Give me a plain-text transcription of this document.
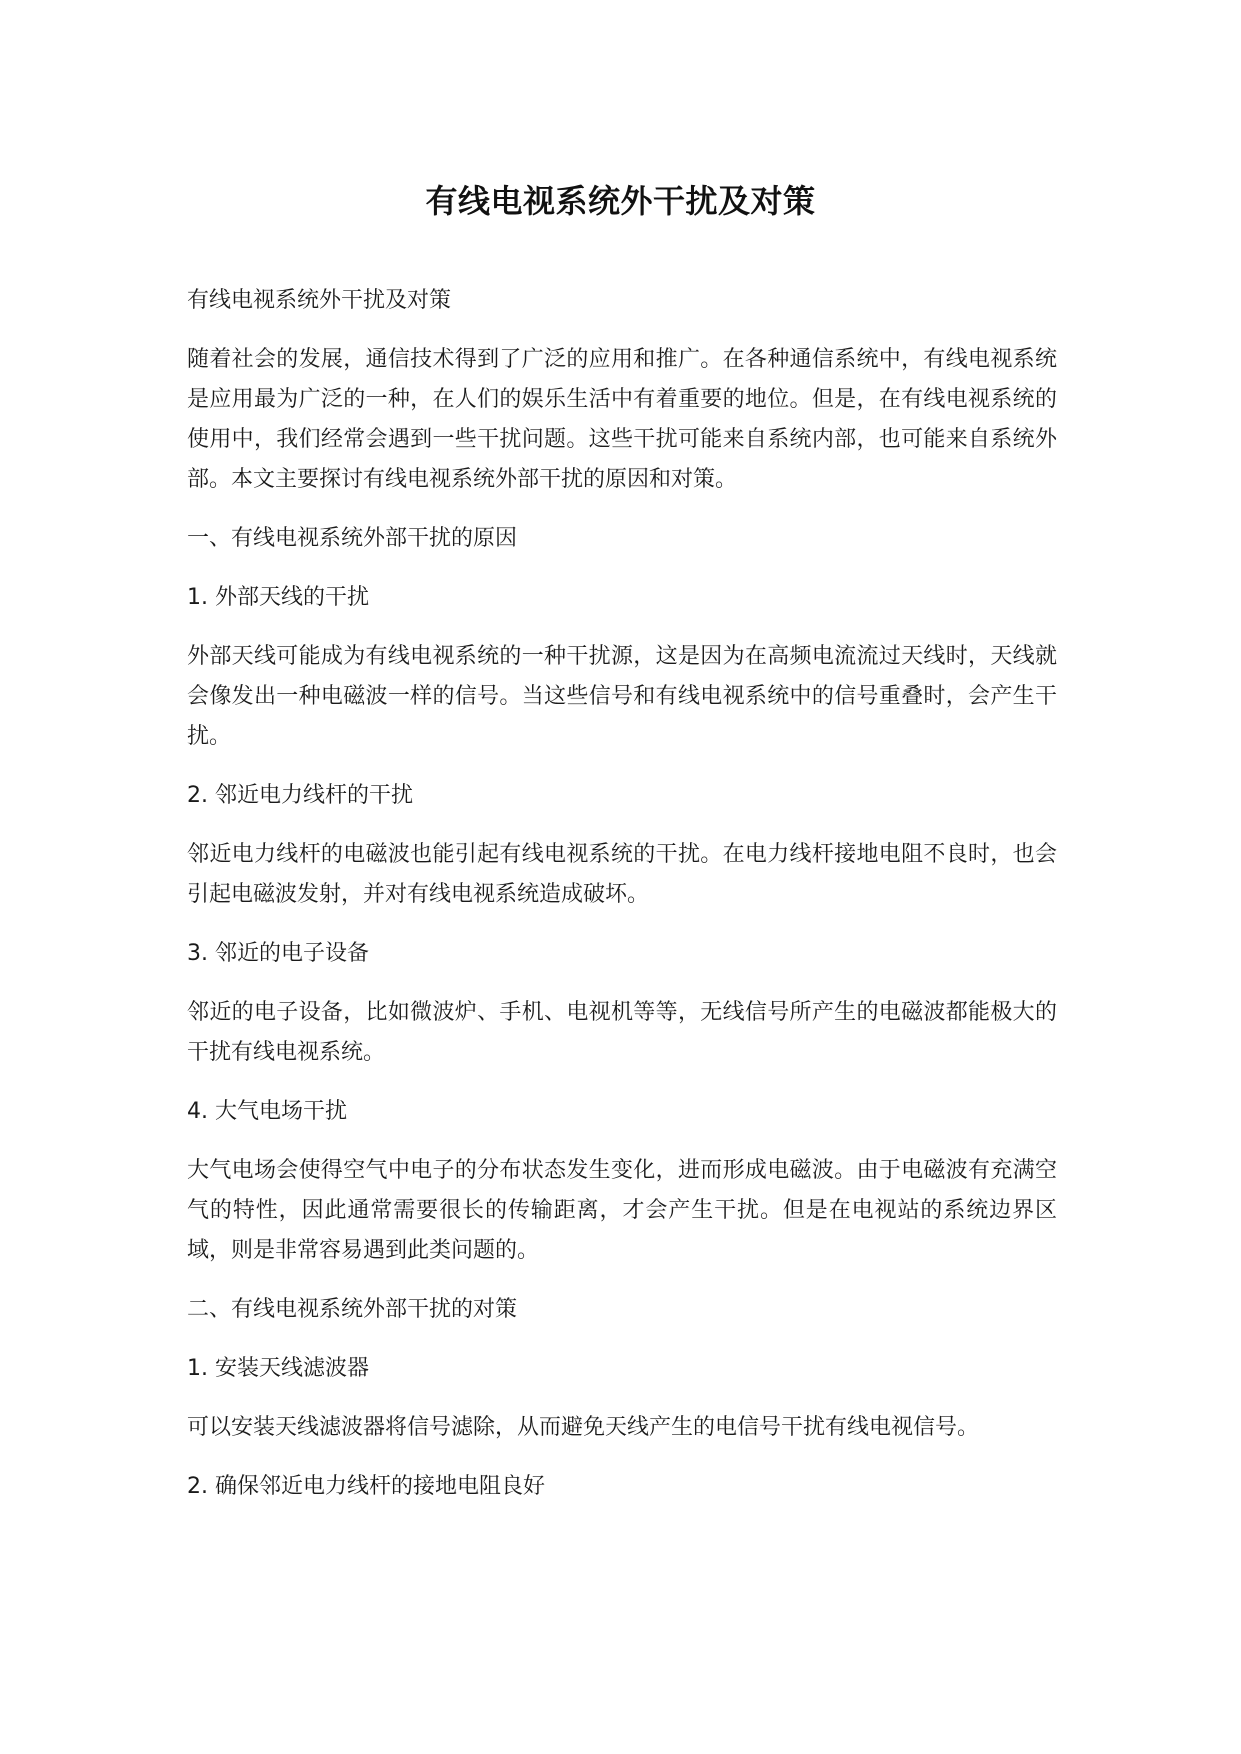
有线电视系统外干扰及对策

有线电视系统外干扰及对策

随着社会的发展，通信技术得到了广泛的应用和推广。在各种通信系统中，有线电视系统是应用最为广泛的一种，在人们的娱乐生活中有着重要的地位。但是，在有线电视系统的使用中，我们经常会遇到一些干扰问题。这些干扰可能来自系统内部，也可能来自系统外部。本文主要探讨有线电视系统外部干扰的原因和对策。

一、有线电视系统外部干扰的原因

1. 外部天线的干扰

外部天线可能成为有线电视系统的一种干扰源，这是因为在高频电流流过天线时，天线就会像发出一种电磁波一样的信号。当这些信号和有线电视系统中的信号重叠时，会产生干扰。

2. 邻近电力线杆的干扰

邻近电力线杆的电磁波也能引起有线电视系统的干扰。在电力线杆接地电阻不良时，也会引起电磁波发射，并对有线电视系统造成破坏。

3. 邻近的电子设备

邻近的电子设备，比如微波炉、手机、电视机等等，无线信号所产生的电磁波都能极大的干扰有线电视系统。

4. 大气电场干扰

大气电场会使得空气中电子的分布状态发生变化，进而形成电磁波。由于电磁波有充满空气的特性，因此通常需要很长的传输距离，才会产生干扰。但是在电视站的系统边界区域，则是非常容易遇到此类问题的。

二、有线电视系统外部干扰的对策

1. 安装天线滤波器

可以安装天线滤波器将信号滤除，从而避免天线产生的电信号干扰有线电视信号。

2. 确保邻近电力线杆的接地电阻良好
